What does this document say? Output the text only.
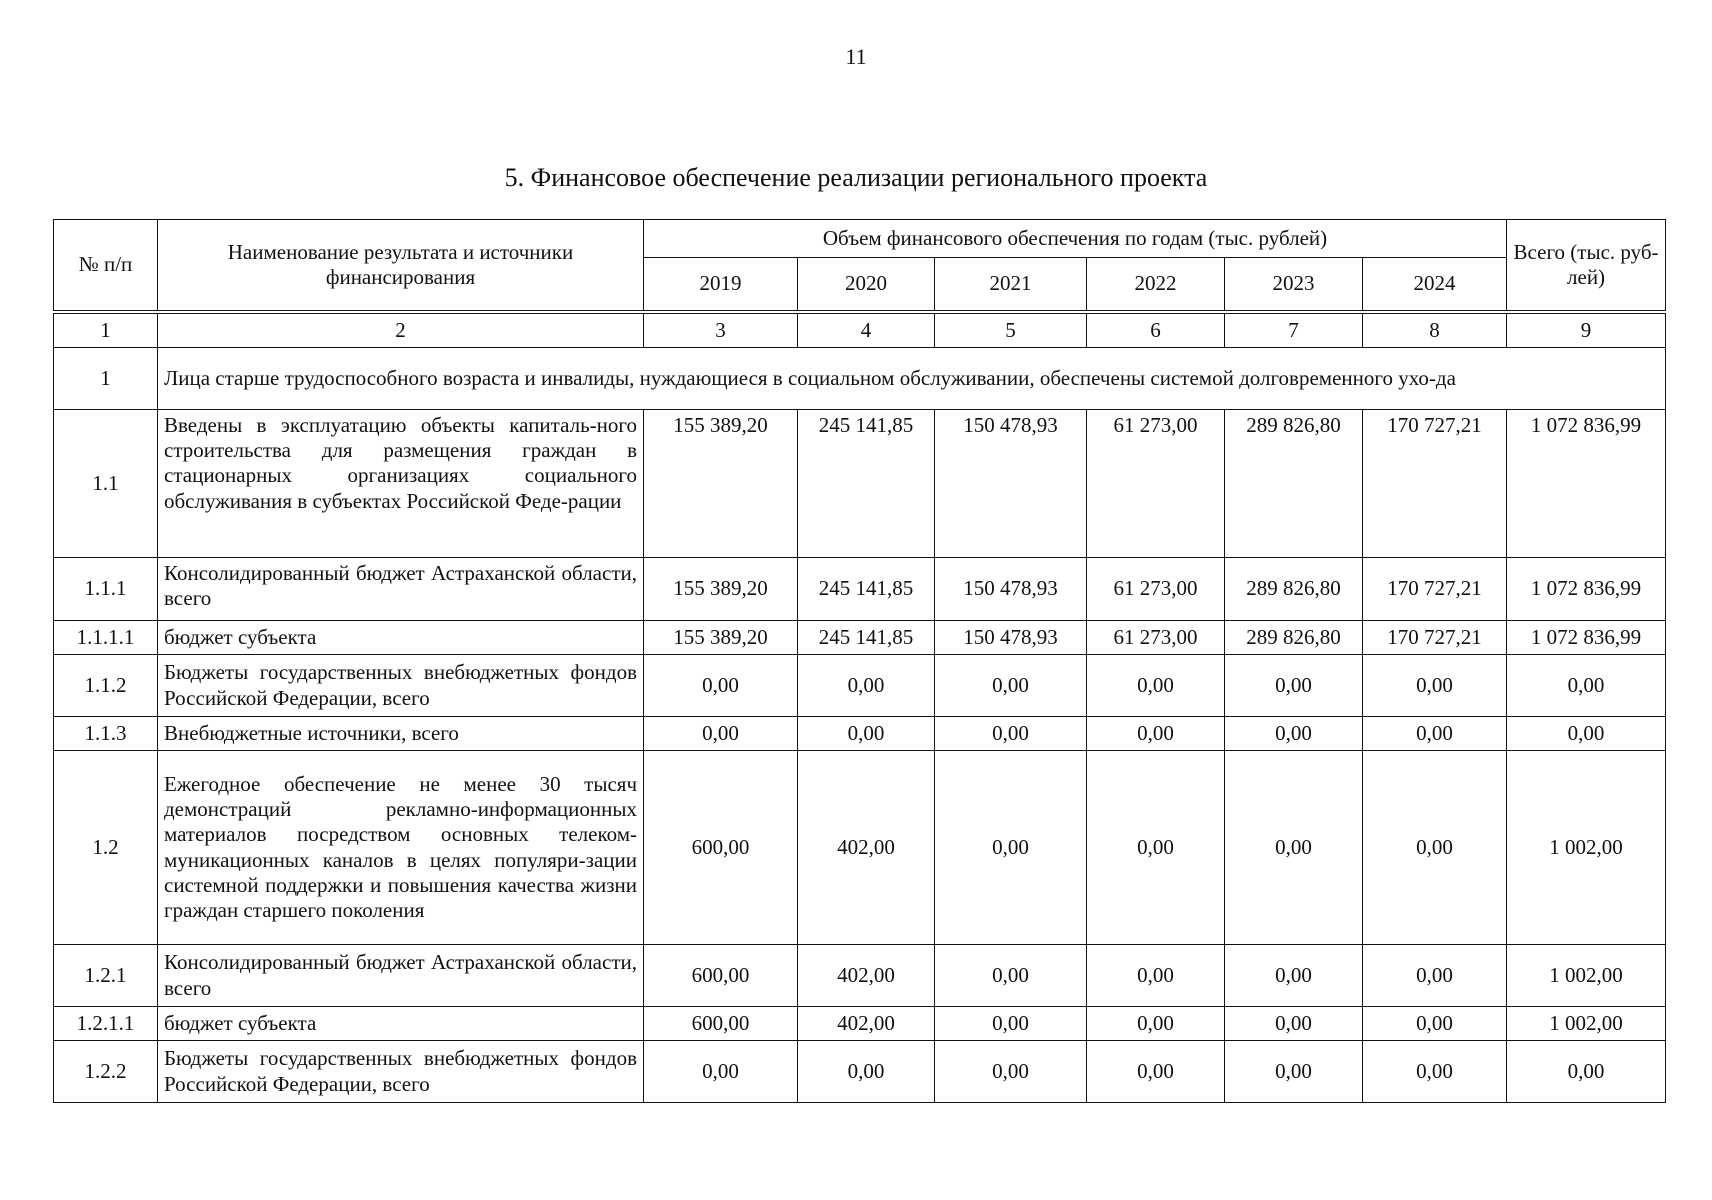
11
5. Финансовое обеспечение реализации регионального проекта
№ п/п	Наименование результата и источники финансирования	Объем финансового обеспечения по годам (тыс. рублей)						Всего (тыс. руб-лей)
		2019	2020	2021	2022	2023	2024	
1	2	3	4	5	6	7	8	9
1	Лица старше трудоспособного возраста и инвалиды, нуждающиеся в социальном обслуживании, обеспечены системой долговременного ухо-да							
1.1	Введены в эксплуатацию объекты капиталь-ного строительства для размещения граждан в стационарных организациях социального обслуживания в субъектах Российской Феде-рации	155 389,20	245 141,85	150 478,93	61 273,00	289 826,80	170 727,21	1 072 836,99
1.1.1	Консолидированный бюджет Астраханской области, всего	155 389,20	245 141,85	150 478,93	61 273,00	289 826,80	170 727,21	1 072 836,99
1.1.1.1	бюджет субъекта	155 389,20	245 141,85	150 478,93	61 273,00	289 826,80	170 727,21	1 072 836,99
1.1.2	Бюджеты государственных внебюджетных фондов Российской Федерации, всего	0,00	0,00	0,00	0,00	0,00	0,00	0,00
1.1.3	Внебюджетные источники, всего	0,00	0,00	0,00	0,00	0,00	0,00	0,00
1.2	Ежегодное обеспечение не менее 30 тысяч демонстраций рекламно-информационных материалов посредством основных телеком-муникационных каналов в целях популяри-зации системной поддержки и повышения качества жизни граждан старшего поколения	600,00	402,00	0,00	0,00	0,00	0,00	1 002,00
1.2.1	Консолидированный бюджет Астраханской области, всего	600,00	402,00	0,00	0,00	0,00	0,00	1 002,00
1.2.1.1	бюджет субъекта	600,00	402,00	0,00	0,00	0,00	0,00	1 002,00
1.2.2	Бюджеты государственных внебюджетных фондов Российской Федерации, всего	0,00	0,00	0,00	0,00	0,00	0,00	0,00
